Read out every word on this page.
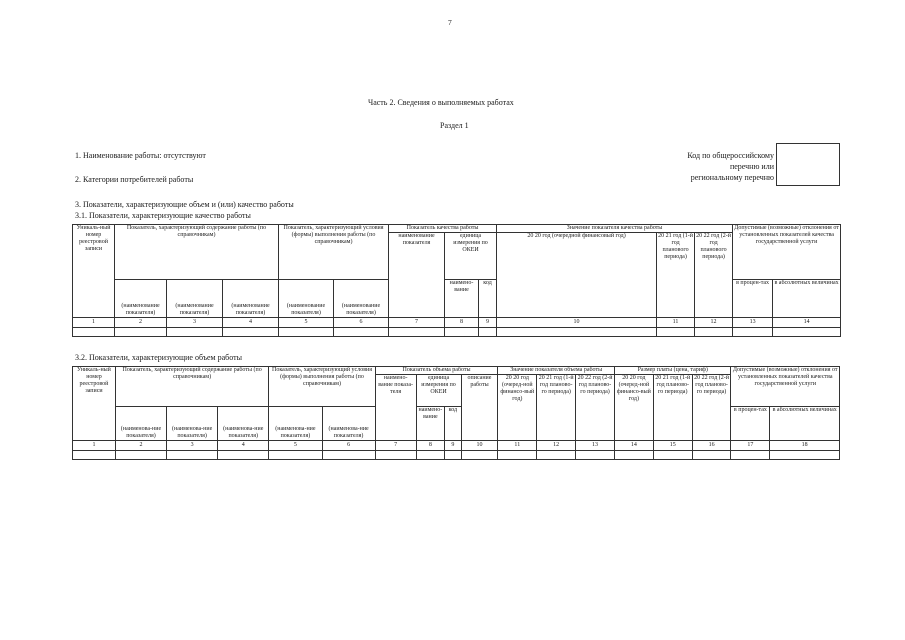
7
Часть 2. Сведения о выполняемых работах
Раздел 1
1. Наименование работы: отсутствуют
2. Категории потребителей работы
Код по общероссийскому
перечню или
региональному перечню
3. Показатели, характеризующие объем и (или) качество работы
3.1. Показатели, характеризующие качество работы
Уникаль-ный номер реестровой записи	Показатель, характеризующий содержание работы (по справочникам)			Показатель, характеризующий условия (формы) выполнения работы (по справочникам)		Показатель качества работы			Значение показателя качества работы			Допустимые (возможные) отклонения от установленных показателей качества государственной услуги	
						наименование показателя	единица измерения по ОКЕИ		20 20 год (очередной финансовый год)	20 21 год (1-й год планового периода)	20 22 год (2-й год планового периода)		
	(наименование показателя)	(наименование показателя)	(наименование показателя)	(наименование показателя)	(наименование показателя)		наимено-вание	код				в процен-тах	в абсолютных величинах
1	2	3	4	5	6	7	8	9	10	11	12	13	14

3.2. Показатели, характеризующие объем работы
Уникаль-ный номер реестровой записи	Показатель, характеризующий содержание работы (по справочникам)			Показатель, характеризующий условия (формы) выполнения работы (по справочникам)		Показатель объема работы				Значение показателя объема работы			Размер платы (цена, тариф)			Допустимые (возможные) отклонения от установленных показателей качества государственной услуги	
						наимено-вание показа-теля	единица измерения по ОКЕИ		описание работы	20 20 год (очеред-ной финансо-вый год)	20 21 год (1-й год планово-го периода)	20 22 год (2-й год планово-го периода)	20 20 год (очеред-ной финансо-вый год)	20 21 год (1-й год планово-го периода)	20 22 год (2-й год планово-го периода)		
	(наименова-ние показателя)	(наименова-ние показателя)	(наименова-ние показателя)	(наименова-ние показателя)	(наименова-ние показателя)		наимено-вание	код								в процен-тах	в абсолютных величинах
1	2	3	4	5	6	7	8	9	10	11	12	13	14	15	16	17	18
